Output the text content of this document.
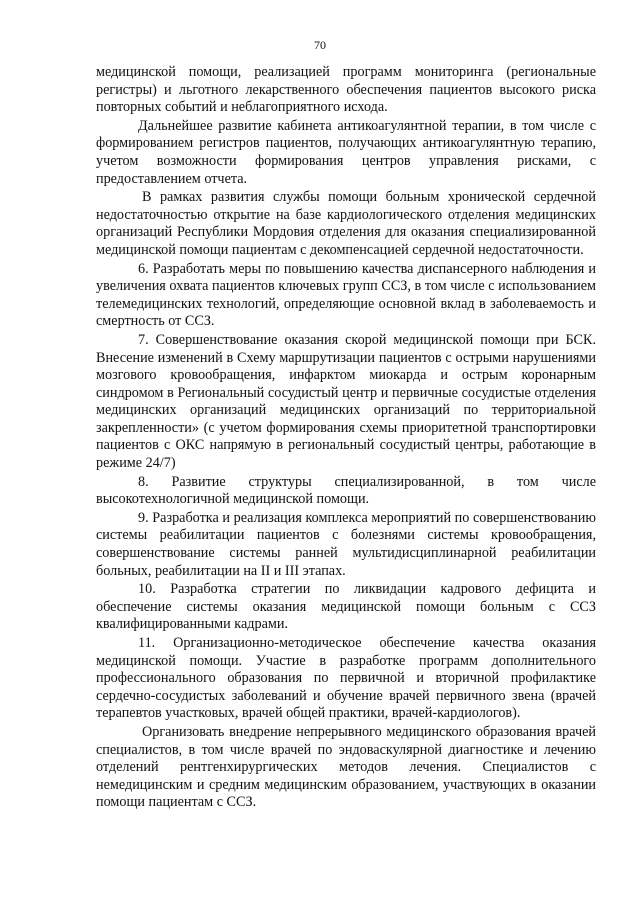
70

медицинской помощи, реализацией программ мониторинга (региональные регистры) и льготного лекарственного обеспечения пациентов высокого риска повторных событий и неблагоприятного исхода.

Дальнейшее развитие кабинета антикоагулянтной терапии, в том числе с формированием регистров пациентов, получающих антикоагулянтную терапию, учетом возможности формирования центров управления рисками, с предоставлением отчета.

В рамках развития службы помощи больным хронической сердечной недостаточностью открытие на базе кардиологического отделения медицинских организаций Республики Мордовия отделения для оказания специализированной медицинской помощи пациентам с декомпенсацией сердечной недостаточности.

6. Разработать меры по повышению качества диспансерного наблюдения и увеличения охвата пациентов ключевых групп ССЗ, в том числе с использованием телемедицинских технологий, определяющие основной вклад в заболеваемость и смертность от ССЗ.

7. Совершенствование оказания скорой медицинской помощи при БСК. Внесение изменений в Схему маршрутизации пациентов с острыми нарушениями мозгового кровообращения, инфарктом миокарда и острым коронарным синдромом в Региональный сосудистый центр и первичные сосудистые отделения медицинских организаций медицинских организаций по территориальной закрепленности» (с учетом формирования схемы приоритетной транспортировки пациентов с ОКС напрямую в региональный сосудистый центры, работающие в режиме 24/7)

8. Развитие структуры специализированной, в том числе высокотехнологичной медицинской помощи.

9. Разработка и реализация комплекса мероприятий по совершенствованию системы реабилитации пациентов с болезнями системы кровообращения, совершенствование системы ранней мультидисциплинарной реабилитации больных, реабилитации на II и III этапах.

10. Разработка стратегии по ликвидации кадрового дефицита и обеспечение системы оказания медицинской помощи больным с ССЗ квалифицированными кадрами.

11. Организационно-методическое обеспечение качества оказания медицинской помощи. Участие в разработке программ дополнительного профессионального образования по первичной и вторичной профилактике сердечно-сосудистых заболеваний и обучение врачей первичного звена (врачей терапевтов участковых, врачей общей практики, врачей-кардиологов).

Организовать внедрение непрерывного медицинского образования врачей специалистов, в том числе врачей по эндоваскулярной диагностике и лечению отделений рентгенхирургических методов лечения. Специалистов с немедицинским и средним медицинским образованием, участвующих в оказании помощи пациентам с ССЗ.
